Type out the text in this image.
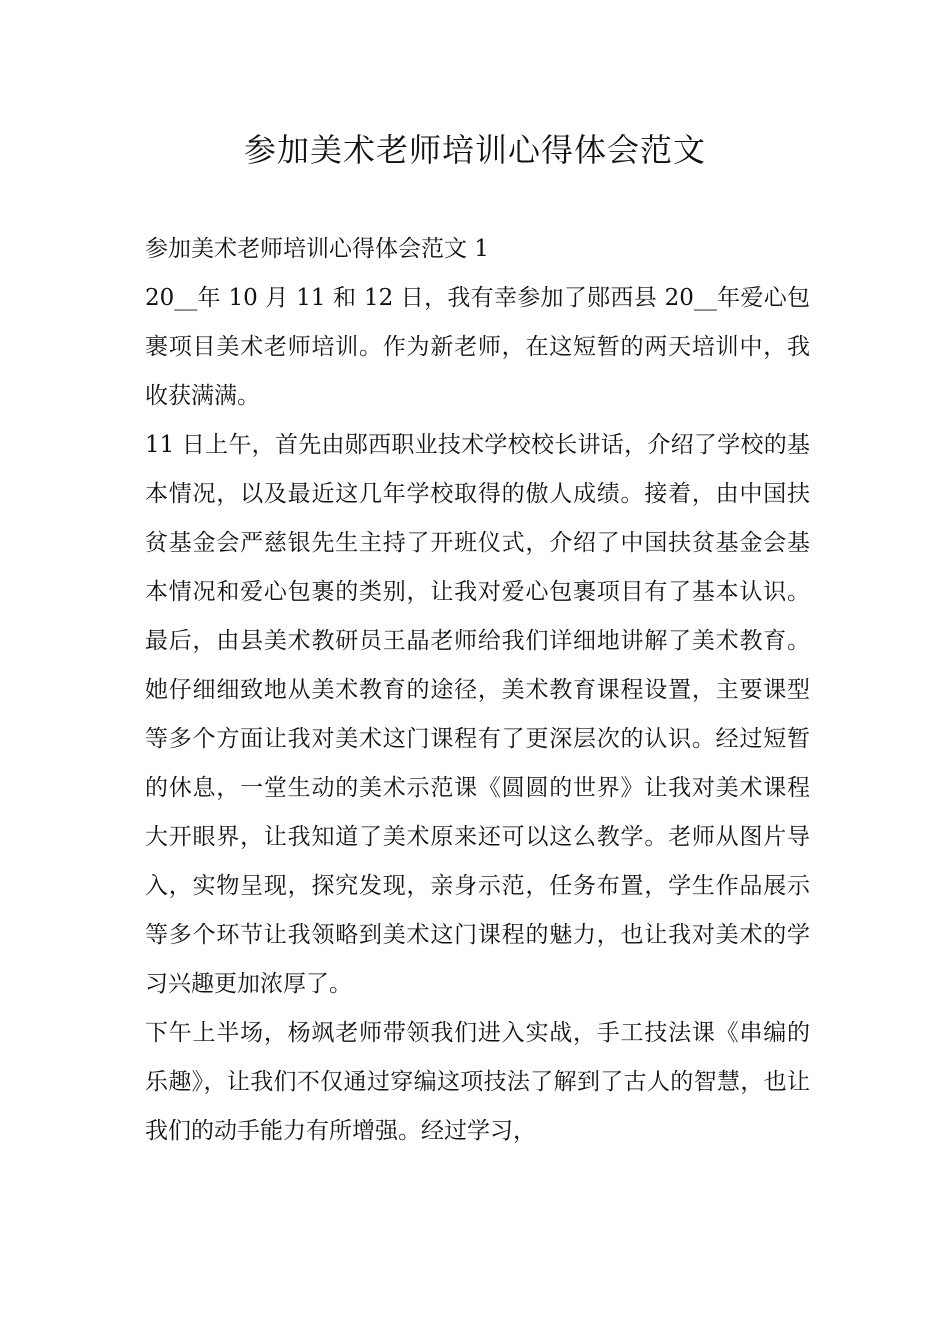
参加美术老师培训心得体会范文
参加美术老师培训心得体会范文 1

20__年 10 月 11 和 12 日，我有幸参加了郧西县 20__年爱心包裹项目美术老师培训。作为新老师，在这短暂的两天培训中，我收获满满。

11 日上午，首先由郧西职业技术学校校长讲话，介绍了学校的基本情况，以及最近这几年学校取得的傲人成绩。接着，由中国扶贫基金会严慈银先生主持了开班仪式，介绍了中国扶贫基金会基本情况和爱心包裹的类别，让我对爱心包裹项目有了基本认识。最后，由县美术教研员王晶老师给我们详细地讲解了美术教育。她仔细细致地从美术教育的途径，美术教育课程设置，主要课型等多个方面让我对美术这门课程有了更深层次的认识。经过短暂的休息，一堂生动的美术示范课《圆圆的世界》让我对美术课程大开眼界，让我知道了美术原来还可以这么教学。老师从图片导入，实物呈现，探究发现，亲身示范，任务布置，学生作品展示等多个环节让我领略到美术这门课程的魅力，也让我对美术的学习兴趣更加浓厚了。

下午上半场，杨飒老师带领我们进入实战，手工技法课《串编的乐趣》，让我们不仅通过穿编这项技法了解到了古人的智慧，也让我们的动手能力有所增强。经过学习，
